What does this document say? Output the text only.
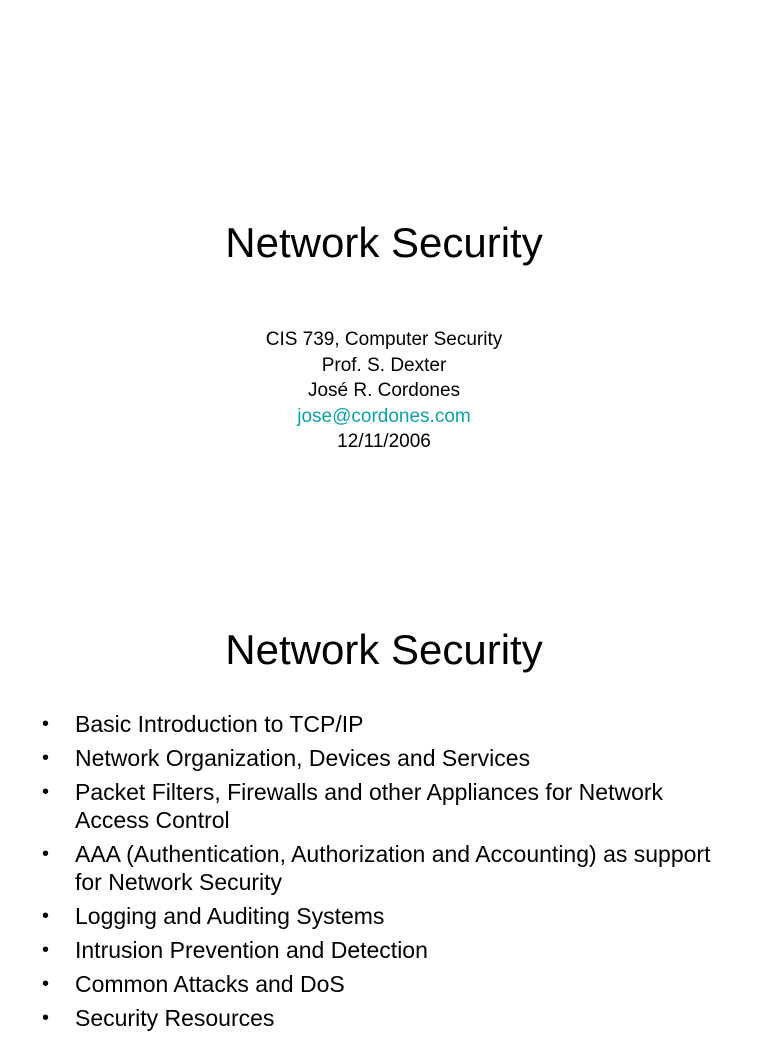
Network Security
CIS 739, Computer Security
Prof. S. Dexter
José R. Cordones
jose@cordones.com
12/11/2006
Network Security
• Basic Introduction to TCP/IP
• Network Organization, Devices and Services
• Packet Filters, Firewalls and other Appliances for Network Access Control
• AAA (Authentication, Authorization and Accounting) as support for Network Security
• Logging and Auditing Systems
• Intrusion Prevention and Detection
• Common Attacks and DoS
• Security Resources
